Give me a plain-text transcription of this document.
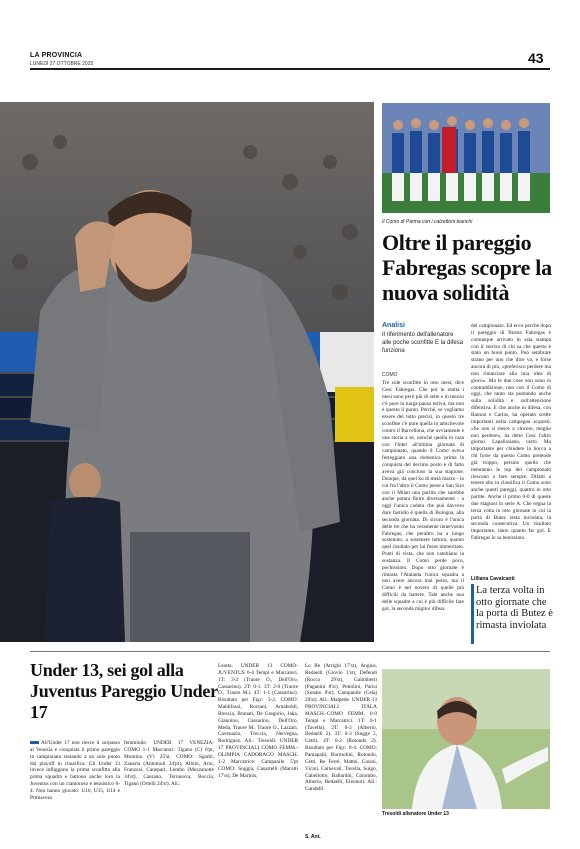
LA PROVINCIA
LUNEDÌ 27 OTTOBRE 2025	43
Il Como di Parma con i calzettoni bianchi
Oltre il pareggio Fabregas scopre la nuova solidità
Analisi
Il riferimento dell'allenatore alle poche sconfitte E la difesa funziona
COMO
Tre sole sconfitte in otto mesi, dice Cesc Fabregas. Che poi in realtà i mesi sono però più di sette e in mezzo c'è pure la lunga pausa estiva, ma non è questo il punto. Perché, se vogliamo essere del tutto precisi, in questo tre sconfitte c'è pure quella in amichevole contro il Barcellona, che ovviamente è una storia a sé, nonché quella in casa con l'Inter all'ultima giornata di campionato, quando il Como aveva festeggiato una domenica prima la conquista del decimo posto e di fatto aveva già concluso la sua stagione. Dunque, da quel ko di metà marzo - in cui fra l'altro il Como perse a San Siro con il Milan una partita che sarebbe anche potuta finire diversamente - a oggi l'unica caduta che può davvero dare fastidio è quella di Bologna, alla seconda giornata. Di sicuro è l'unica delle tre che ha veramente innervosito Fabregas, che peraltro ha a lungo sostenuto, a sostenere tuttora, quanto quel risultato per lui fosse immeritato. Punti di vista, che non cambiano la sostanza. Il Como perde poco, pochissimo. Dopo otto giornate è rimasta l'Atalanta l'unica squadra a non avere ancora mai perso, ma il Como è nel novero di quelle più difficili da battere. Tale anche una delle squadre a cui è più difficile fare gol, la seconda miglior difesa
del campionato. Ed ecco perché dopo il pareggio di Parma Fabregas è comunque arrivato in sala stampa con il sorriso di chi sa che questo è stato un buon punto. Può sembrare strano per uno che dice va, e forse ancora di più, «preferisco perdere ma non rinunciare alla mia idea di gioco». Ma le due cose non sono in contraddizione, non con il Como di oggi, che tanto sta puntando anche sulla solidità e sull'attenzione difensiva. E che anche in difesa, con Ramon e Carlos, ha operato scelte importanti nella campagna acquisti. «Se non si riesce a vincere, meglio non perdere», ha detto Cesc l'altro giorno. Lapalissiano, certo. Ma importante per chiudere la bocca a chi forse da questo Como pretende già troppo, persino quello che nemmeno le top del campionato riescono a fare sempre. Difatti a tenere alto in classifica il Como sono anche questi pareggi, quattro in otto partite. Anche il primo 0-0 di queste due stagioni in serie A. Che segna la terza volta in otto giornate in cui la porta di Butez resta inviolata, la seconda consecutiva. Un risultato importante, tanto quanto far gol. E Fabregas lo sa benissimo.
Lilliana Cavalcanti
La terza volta in otto giornate che la porta di Butez è rimasta inviolata
Under 13, sei gol alla Juventus Pareggio Under 17
All'Under 17 non riesce il sorpasso al Venezia e conquista il primo pareggio in campionato restando a un solo punto dai playoff in classifica. Gli Under 13 invece infliggono la prima sconfitta alla prima squadra e battono anche loro la Juventus con un clamoroso e tennistico 6-4. Non hanno giocato: U16, U15, U14 e Primavera
femminile. UNDER 17 VENEZIA-COMO 1-1 Marcatori: Tigano (C) 6'pt, Montina (V) 25'st. COMO: Sgarbi, Zanaria (Antonioli 34'pt), Albini, Arui, Franzosi, Canepari, Lembo (Mezzanotte 34'st), Cassano, Terranova, Boccia, Tiganò (Ortelli 24'st). All.:
Leotta. UNDER 13 COMO-JUVENTUS 6-4 Tempi e Marcatori. 1T: 3-2 (Traore O., Dell'Oro, Cassarino). 2T: 0-1. 3T: 2-0 (Traore O., Traore M.). 4T: 1-1 (Cassarino). Risultato per Figc: 3-2. COMO: Maldifassi, Borsani, Arnaboldi, Brescia, Brunati, De Gregorio, Jaka, Giannino, Cassarino, Dell'Oro, Meda, Traore M., Traore O., Lazzari, Cavenazio, Treccio, Nervegna, Rodriguez. All.: Tresoldi. UNDER 17 PROVINCIALI COMO FEMM.-OLIMPIA CADORAGO MASCH. 1-2 Marcatrice: Campanile 5'pt COMO: Soggia, Casartelli (Marotti 17'st), De Marinis,
Lo Re (Arrighi 17'st), Angius, Redaelli (Giovio 1'st), Defendi (Rocco 29'st), Galimberti (Paganini 8'st), Pettolini, Parisi (Sonato 8'st), Campanile (Celaj 29'st). All.: Malpede. UNDER 13 PROVINCIALI ITALA MASCH.-COMO FEMM. 0-9 Tempi e Marcatrici. 1T: 0-1 (Tavella). 2T: 0-3 (Alberio, Redaelli 2). 3T: 0-3 (Sugge 2, Cetti). 4T: 0-2 (Rotondo 2). Risultato per Figc: 0-4. COMO: Pamapalli, Bormolini, Rotondo, Cetti, Re Ferrè, Mattei, Cusini, Vicari, Carnevali, Tavella, Suigo, Gabellotto, Ballardin, Colombo, Alberio, Redaelli, Eleonori. All.: Gandelli.
Tresoldi allenatore Under 13
S. Ant.
